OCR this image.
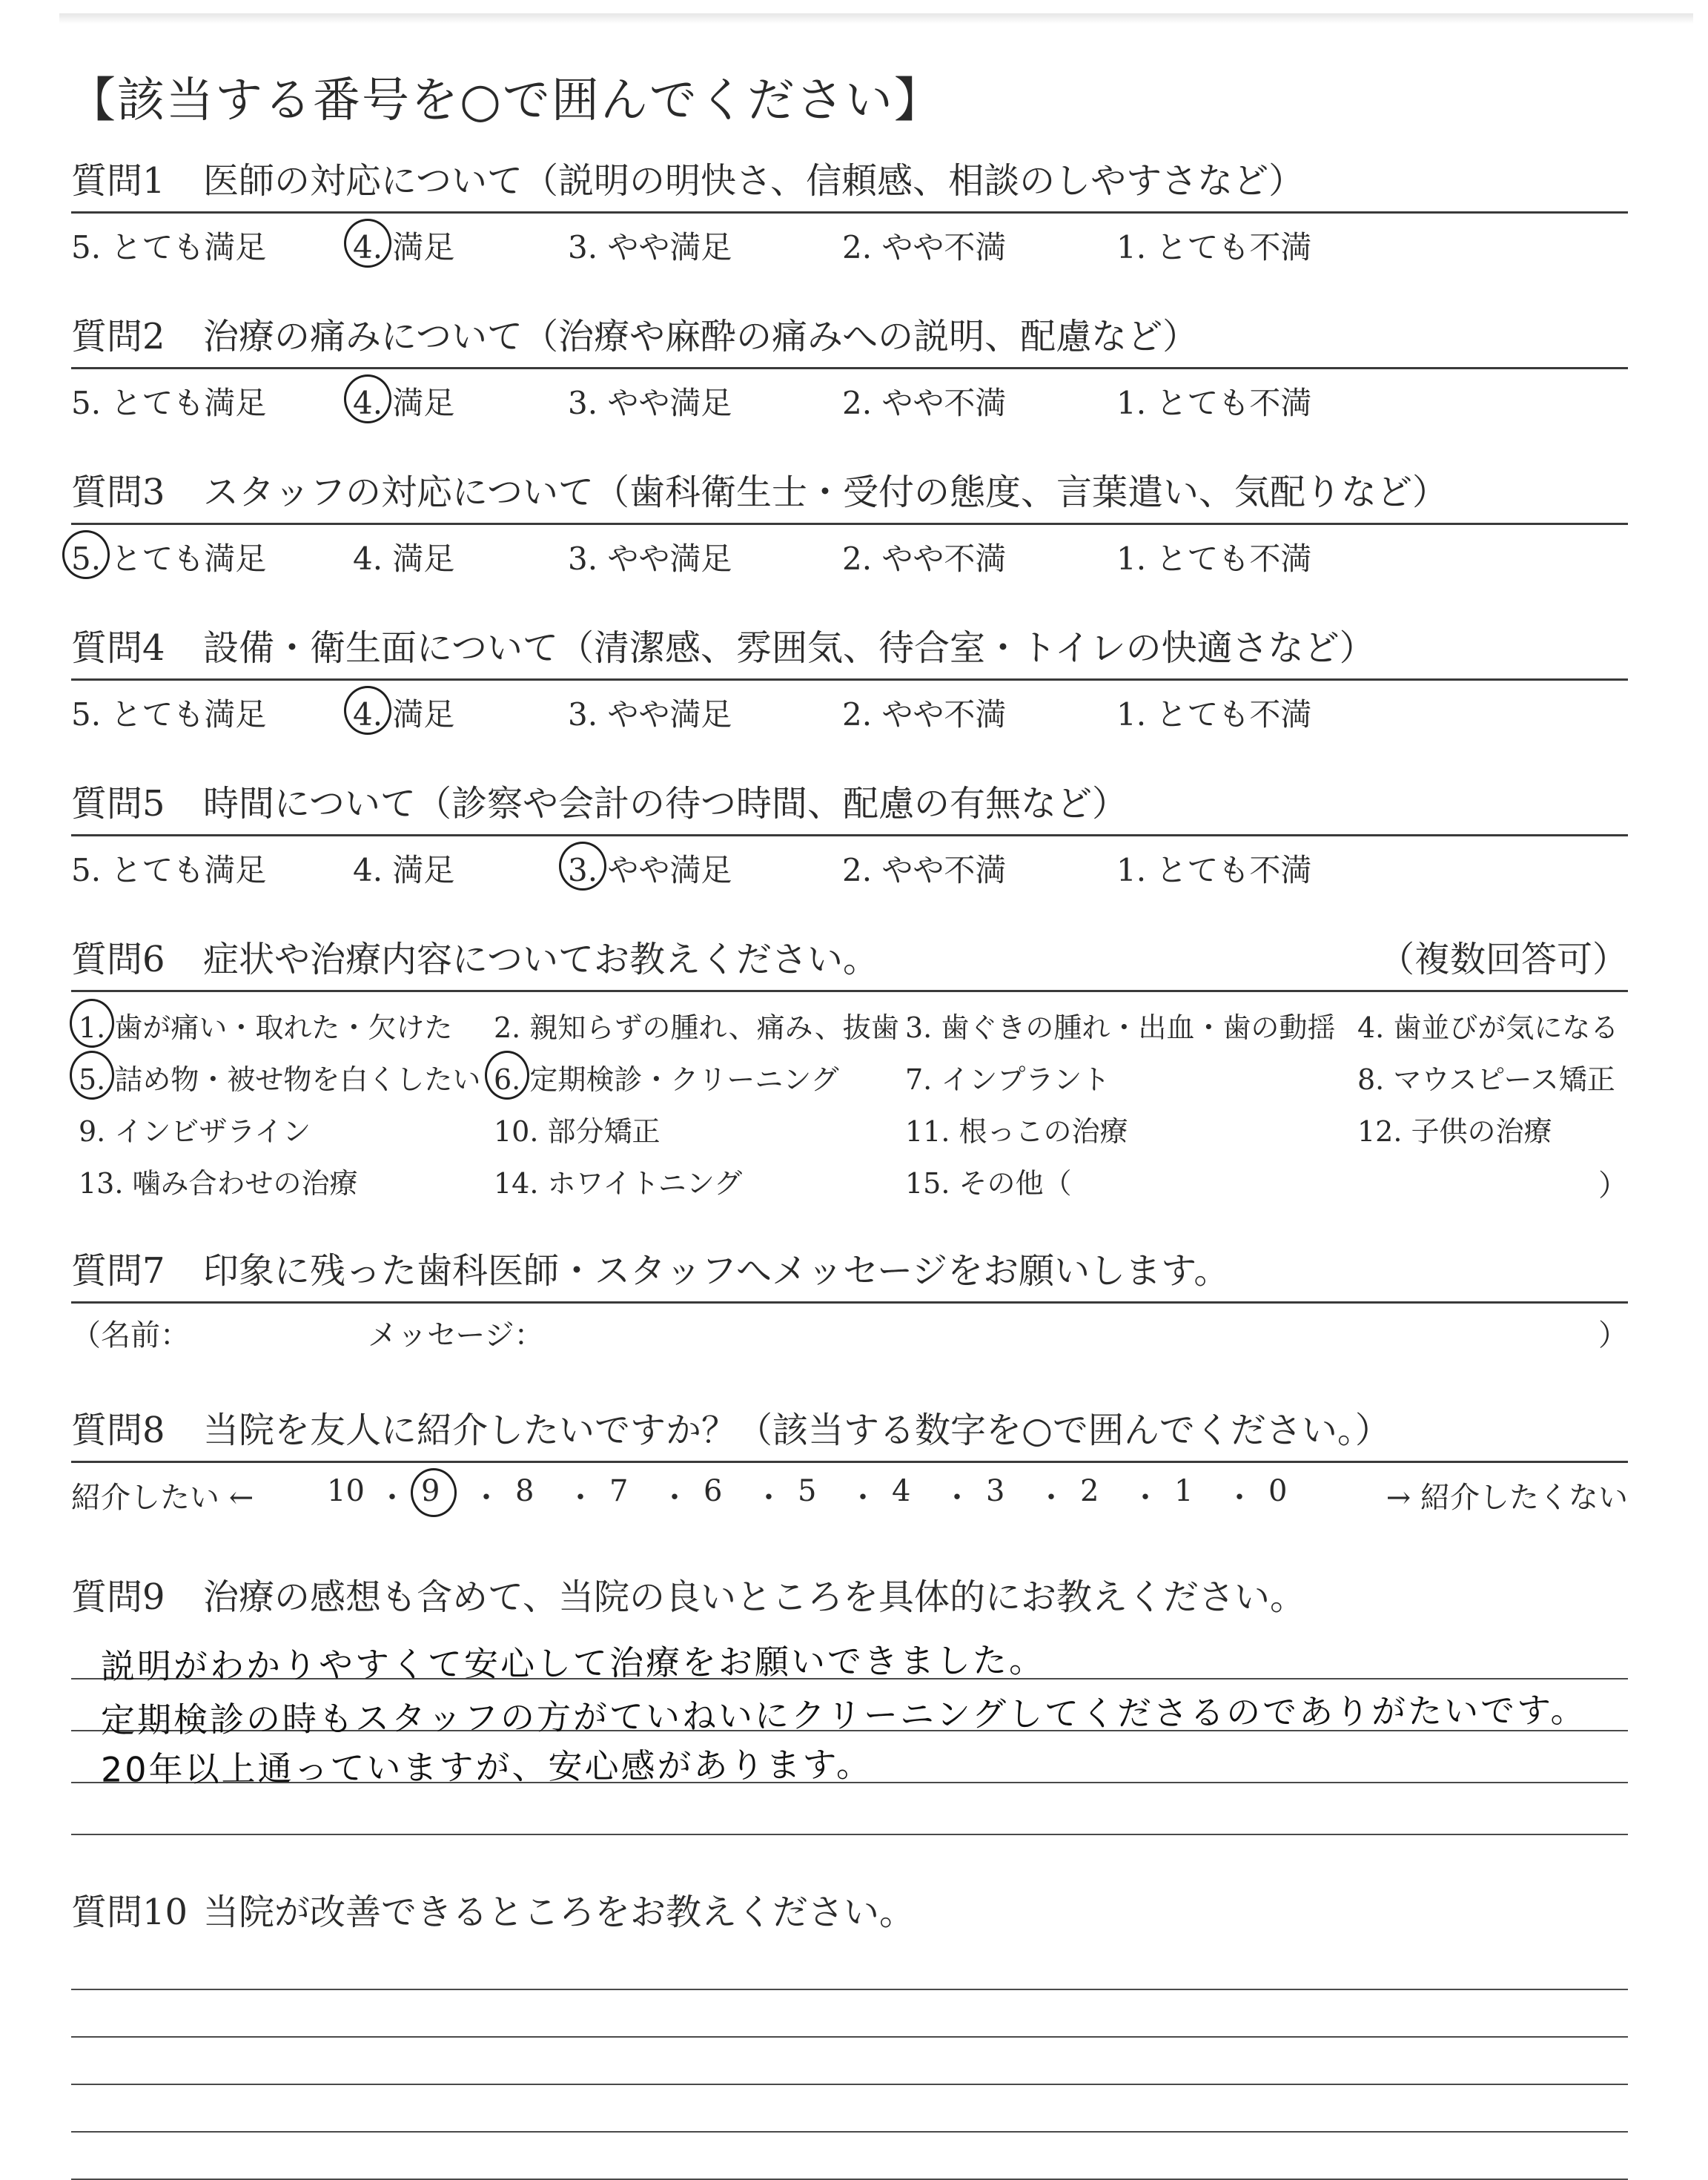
【該当する番号を○で囲んでください】
質問1 医師の対応について（説明の明快さ、信頼感、相談のしやすさなど）
5. とても満足	4. 満足	3. やや満足	2. やや不満	1. とても不満
質問2 治療の痛みについて（治療や麻酔の痛みへの説明、配慮など）
5. とても満足	4. 満足	3. やや満足	2. やや不満	1. とても不満
質問3 スタッフの対応について（歯科衛生士・受付の態度、言葉遣い、気配りなど）
5. とても満足	4. 満足	3. やや満足	2. やや不満	1. とても不満
質問4 設備・衛生面について（清潔感、雰囲気、待合室・トイレの快適さなど）
5. とても満足	4. 満足	3. やや満足	2. やや不満	1. とても不満
質問5 時間について（診察や会計の待つ時間、配慮の有無など）
5. とても満足	4. 満足	3. やや満足	2. やや不満	1. とても不満
質問6 症状や治療内容についてお教えください。	（複数回答可）
）
1. 歯が痛い・取れた・欠けた 2. 親知らずの腫れ、痛み、抜歯 3. 歯ぐきの腫れ・出血・歯の動揺 4. 歯並びが気になる
5. 詰め物・被せ物を白くしたい 6. 定期検診・クリーニング 7. インプラント	8. マウスピース矯正
9. インビザライン	10. 部分矯正	11. 根っこの治療	12. 子供の治療
13. 噛み合わせの治療	14. ホワイトニング	15. その他（
質問7 印象に残った歯科医師・スタッフへメッセージをお願いします。
（名前：	メッセージ：	）
質問8 当院を友人に紹介したいですか？（該当する数字を○で囲んでください。）
紹介したい ←	→ 紹介したくない
10 ・ 9 ・ 8 ・ 7 ・ 6 ・ 5 ・ 4 ・ 3 ・ 2 ・ 1 ・ 0
質問9 治療の感想も含めて、当院の良いところを具体的にお教えください。
説明がわかりやすくて安心して治療をお願いできました。
定期検診の時もスタッフの方がていねいにクリーニングしてくださるのでありがたいです。
20年以上通っていますが、安心感があります。
質問10 当院が改善できるところをお教えください。
